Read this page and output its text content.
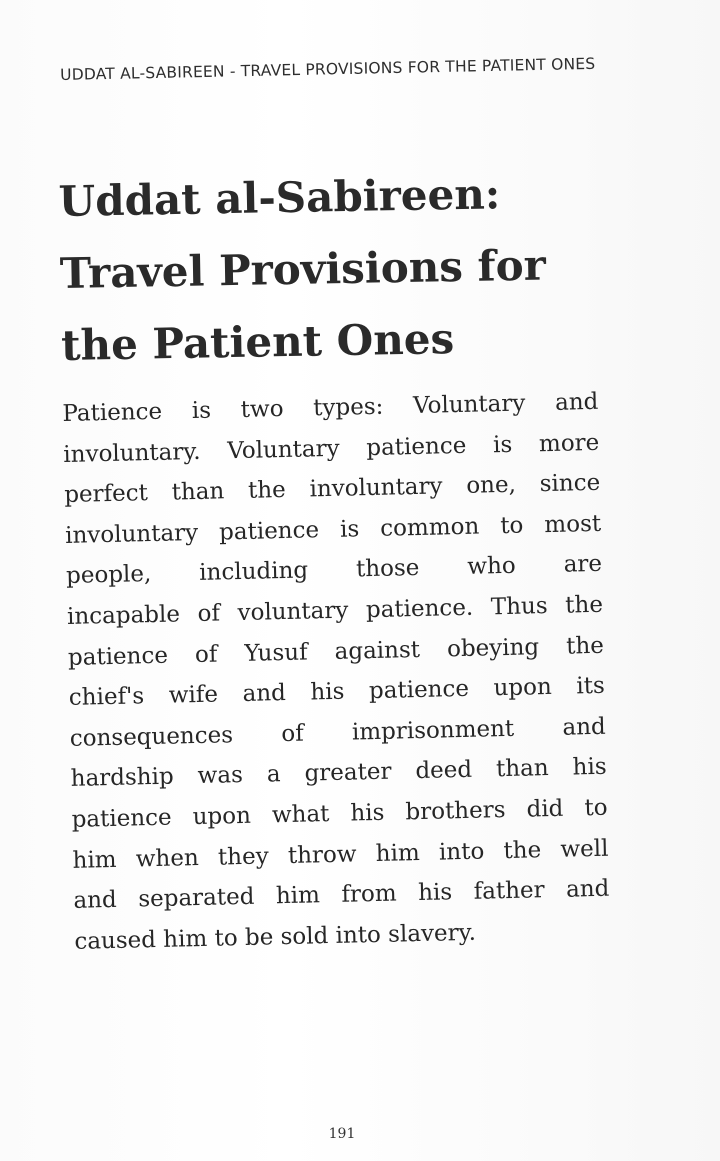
UDDAT AL-SABIREEN - TRAVEL PROVISIONS FOR THE PATIENT ONES
Uddat al-Sabireen:
Travel Provisions for
the Patient Ones
Patience is two types: Voluntary and
involuntary. Voluntary patience is more
perfect than the involuntary one, since
involuntary patience is common to most
people, including those who are
incapable of voluntary patience. Thus the
patience of Yusuf against obeying the
chief's wife and his patience upon its
consequences of imprisonment and
hardship was a greater deed than his
patience upon what his brothers did to
him when they throw him into the well
and separated him from his father and
caused him to be sold into slavery.
191
